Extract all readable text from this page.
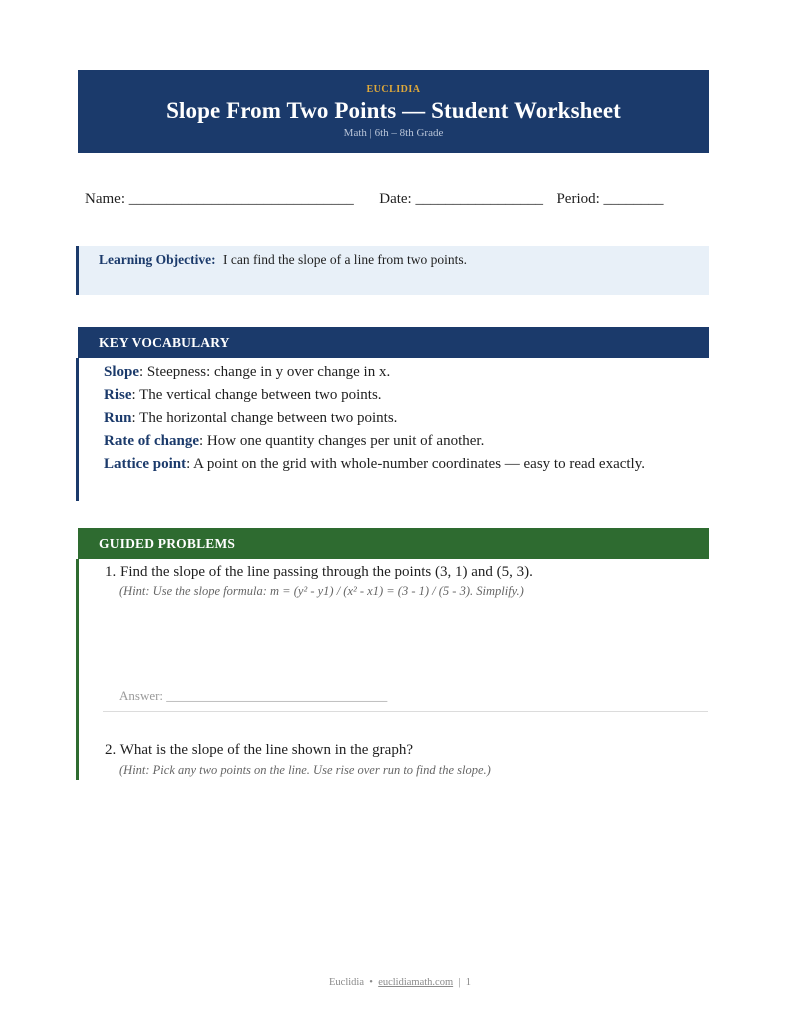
EUCLIDIA
Slope From Two Points — Student Worksheet
Math | 6th – 8th Grade
Name: ______________________________ Date: _________________ Period: ________
Learning Objective: I can find the slope of a line from two points.
KEY VOCABULARY
Slope: Steepness: change in y over change in x.
Rise: The vertical change between two points.
Run: The horizontal change between two points.
Rate of change: How one quantity changes per unit of another.
Lattice point: A point on the grid with whole-number coordinates — easy to read exactly.
GUIDED PROBLEMS
1. Find the slope of the line passing through the points (3, 1) and (5, 3).
(Hint: Use the slope formula: m = (y² - y1) / (x² - x1) = (3 - 1) / (5 - 3). Simplify.)
Answer: __________________________________
2. What is the slope of the line shown in the graph?
(Hint: Pick any two points on the line. Use rise over run to find the slope.)
Euclidia • euclidiamath.com | 1
